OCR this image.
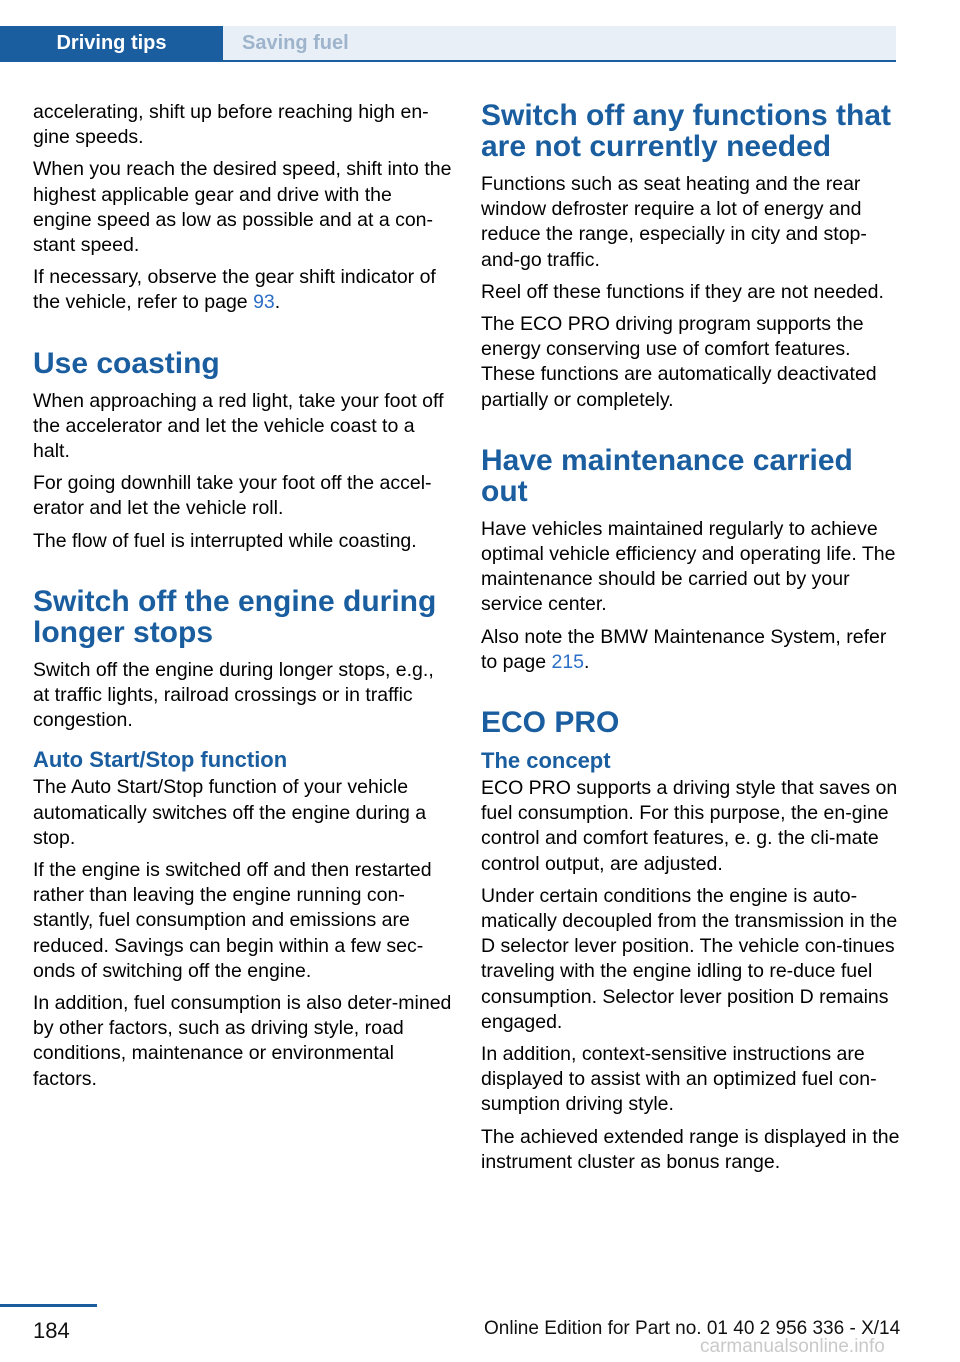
Driving tips	Saving fuel

accelerating, shift up before reaching high en‐gine speeds.

When you reach the desired speed, shift into the highest applicable gear and drive with the engine speed as low as possible and at a con‐stant speed.

If necessary, observe the gear shift indicator of the vehicle, refer to page 93.

Use coasting

When approaching a red light, take your foot off the accelerator and let the vehicle coast to a halt.

For going downhill take your foot off the accel‐erator and let the vehicle roll.

The flow of fuel is interrupted while coasting.

Switch off the engine during longer stops

Switch off the engine during longer stops, e.g., at traffic lights, railroad crossings or in traffic congestion.

Auto Start/Stop function

The Auto Start/Stop function of your vehicle automatically switches off the engine during a stop.

If the engine is switched off and then restarted rather than leaving the engine running con‐stantly, fuel consumption and emissions are reduced. Savings can begin within a few sec‐onds of switching off the engine.

In addition, fuel consumption is also deter‐mined by other factors, such as driving style, road conditions, maintenance or environmental factors.

Switch off any functions that are not currently needed

Functions such as seat heating and the rear window defroster require a lot of energy and reduce the range, especially in city and stop-and-go traffic.

Reel off these functions if they are not needed.

The ECO PRO driving program supports the energy conserving use of comfort features. These functions are automatically deactivated partially or completely.

Have maintenance carried out

Have vehicles maintained regularly to achieve optimal vehicle efficiency and operating life. The maintenance should be carried out by your service center.

Also note the BMW Maintenance System, refer to page 215.

ECO PRO
The concept

ECO PRO supports a driving style that saves on fuel consumption. For this purpose, the en‐gine control and comfort features, e. g. the cli‐mate control output, are adjusted.

Under certain conditions the engine is auto‐matically decoupled from the transmission in the D selector lever position. The vehicle con‐tinues traveling with the engine idling to re‐duce fuel consumption. Selector lever position D remains engaged.

In addition, context-sensitive instructions are displayed to assist with an optimized fuel con‐sumption driving style.

The achieved extended range is displayed in the instrument cluster as bonus range.

184	Online Edition for Part no. 01 40 2 956 336 - X/14
carmanualsonline.info
